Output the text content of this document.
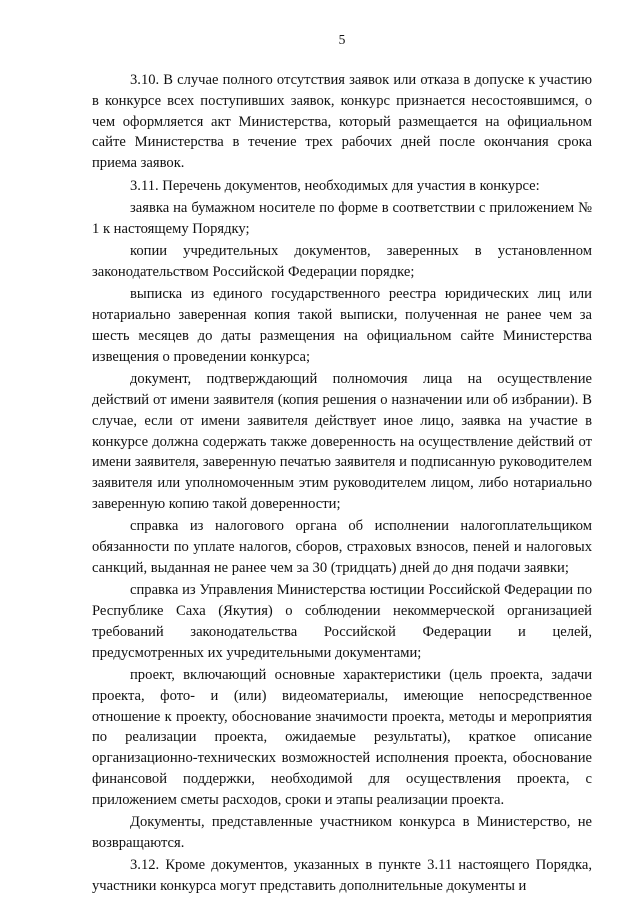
5

3.10. В случае полного отсутствия заявок или отказа в допуске к участию в конкурсе всех поступивших заявок, конкурс признается несостоявшимся, о чем оформляется акт Министерства, который размещается на официальном сайте Министерства в течение трех рабочих дней после окончания срока приема заявок.

3.11. Перечень документов, необходимых для участия в конкурсе:

заявка на бумажном носителе по форме в соответствии с приложением № 1 к настоящему Порядку;

копии учредительных документов, заверенных в установленном законодательством Российской Федерации порядке;

выписка из единого государственного реестра юридических лиц или нотариально заверенная копия такой выписки, полученная не ранее чем за шесть месяцев до даты размещения на официальном сайте Министерства извещения о проведении конкурса;

документ, подтверждающий полномочия лица на осуществление действий от имени заявителя (копия решения о назначении или об избрании). В случае, если от имени заявителя действует иное лицо, заявка на участие в конкурсе должна содержать также доверенность на осуществление действий от имени заявителя, заверенную печатью заявителя и подписанную руководителем заявителя или уполномоченным этим руководителем лицом, либо нотариально заверенную копию такой доверенности;

справка из налогового органа об исполнении налогоплательщиком обязанности по уплате налогов, сборов, страховых взносов, пеней и налоговых санкций, выданная не ранее чем за 30 (тридцать) дней до дня подачи заявки;

справка из Управления Министерства юстиции Российской Федерации по Республике Саха (Якутия) о соблюдении некоммерческой организацией требований законодательства Российской Федерации и целей, предусмотренных их учредительными документами;

проект, включающий основные характеристики (цель проекта, задачи проекта, фото- и (или) видеоматериалы, имеющие непосредственное отношение к проекту, обоснование значимости проекта, методы и мероприятия по реализации проекта, ожидаемые результаты), краткое описание организационно-технических возможностей исполнения проекта, обоснование финансовой поддержки, необходимой для осуществления проекта, с приложением сметы расходов, сроки и этапы реализации проекта.

Документы, представленные участником конкурса в Министерство, не возвращаются.

3.12. Кроме документов, указанных в пункте 3.11 настоящего Порядка, участники конкурса могут представить дополнительные документы и
